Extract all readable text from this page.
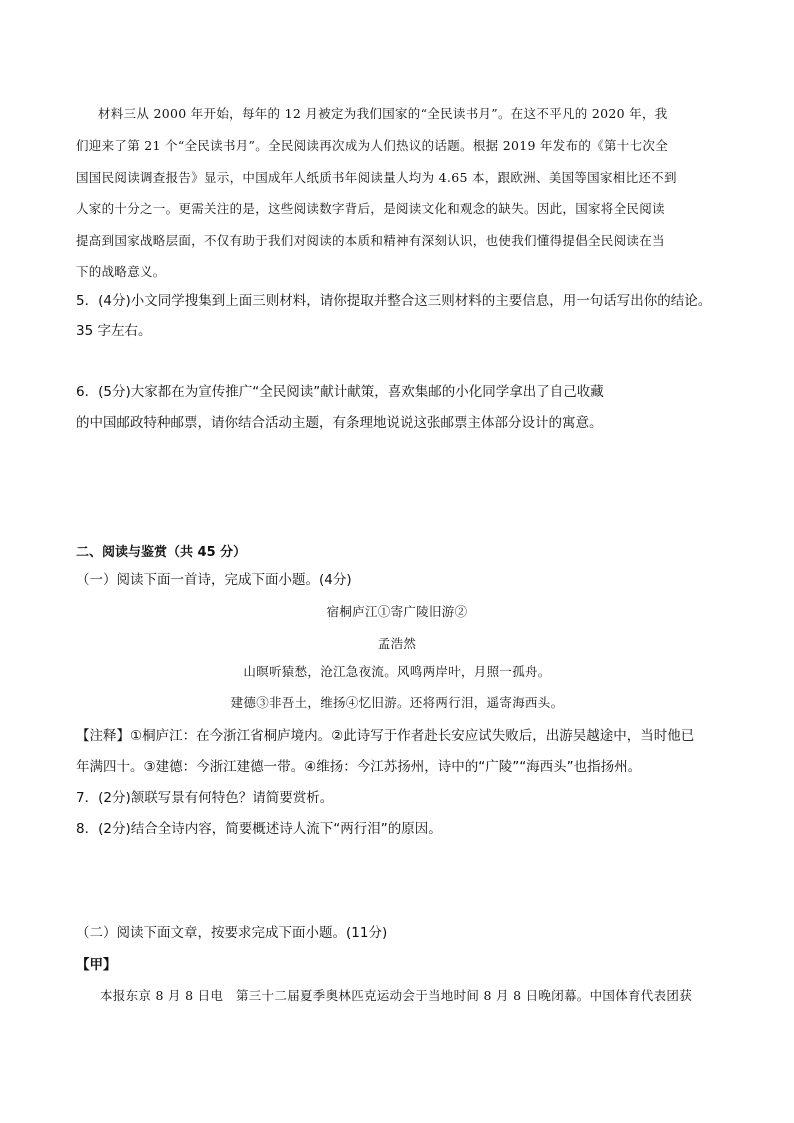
材料三从 2000 年开始，每年的 12 月被定为我们国家的“全民读书月”。在这不平凡的 2020 年，我
们迎来了第 21 个“全民读书月”。全民阅读再次成为人们热议的话题。根据 2019 年发布的《第十七次全
国国民阅读调查报告》显示，中国成年人纸质书年阅读量人均为 4.65 本，跟欧洲、美国等国家相比还不到
人家的十分之一。更需关注的是，这些阅读数字背后，是阅读文化和观念的缺失。因此，国家将全民阅读
提高到国家战略层面，不仅有助于我们对阅读的本质和精神有深刻认识，也使我们懂得提倡全民阅读在当
下的战略意义。
5．(4分)小文同学搜集到上面三则材料，请你提取并整合这三则材料的主要信息，用一句话写出你的结论。
35 字左右。
6．(5分)大家都在为宣传推广“全民阅读”献计献策，喜欢集邮的小化同学拿出了自己收藏
的中国邮政特种邮票，请你结合活动主题，有条理地说说这张邮票主体部分设计的寓意。
二、阅读与鉴赏（共 45 分）
（一）阅读下面一首诗，完成下面小题。(4分)
宿桐庐江①寄广陵旧游②
孟浩然
山暝听猿愁，沧江急夜流。风鸣两岸叶，月照一孤舟。
建德③非吾土，维扬④忆旧游。还将两行泪，遥寄海西头。
【注释】①桐庐江：在今浙江省桐庐境内。②此诗写于作者赴长安应试失败后，出游吴越途中，当时他已
年满四十。③建德：今浙江建德一带。④维扬：今江苏扬州，诗中的“广陵”“海西头”也指扬州。
7．(2分)颔联写景有何特色？请简要赏析。
8．(2分)结合全诗内容，简要概述诗人流下“两行泪”的原因。
（二）阅读下面文章，按要求完成下面小题。(11分)
【甲】
本报东京 8 月 8 日电　第三十二届夏季奥林匹克运动会于当地时间 8 月 8 日晚闭幕。中国体育代表团获
